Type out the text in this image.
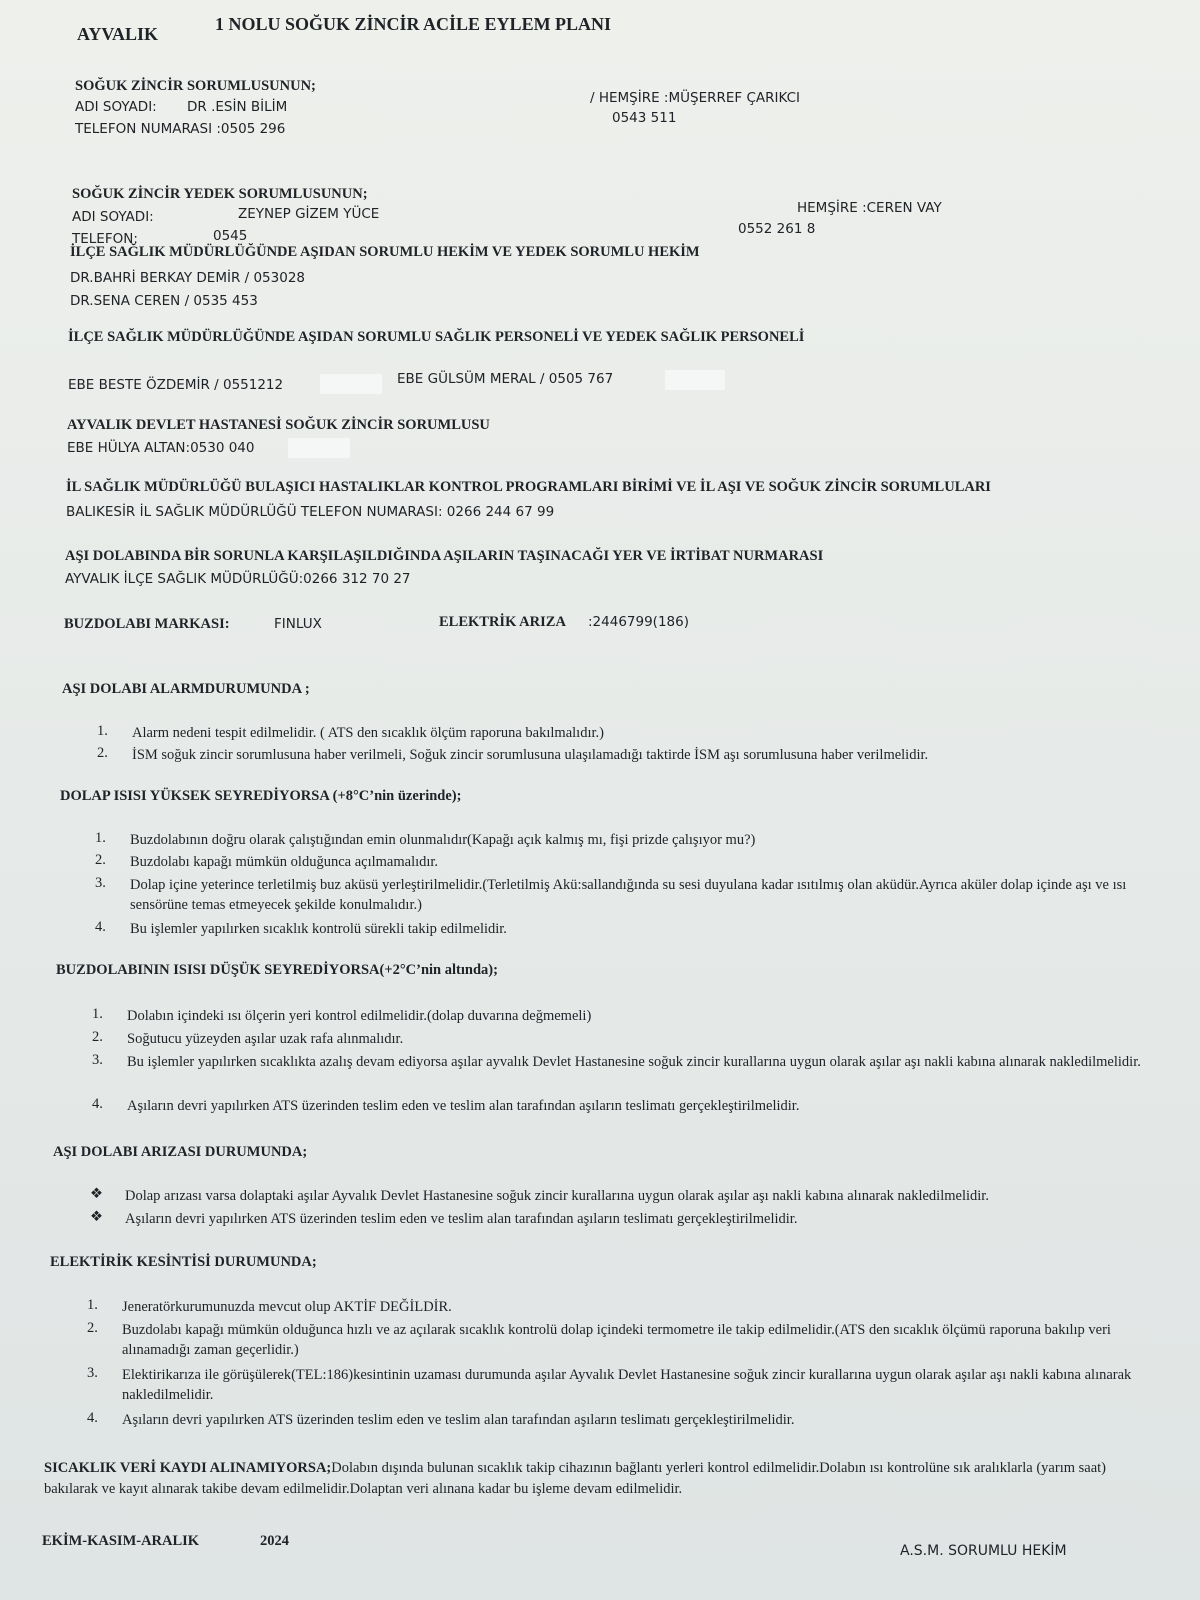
AYVALIK	1 NOLU SOĞUK ZİNCİR ACİLE EYLEM PLANI
SOĞUK ZİNCİR SORUMLUSUNUN;
ADI SOYADI: DR .ESİN BİLİM
TELEFON NUMARASI :0505 296
/ HEMŞİRE :MÜŞERREF ÇARIKCI
0543 511
SOĞUK ZİNCİR YEDEK SORUMLUSUNUN;
ADI SOYADI:	ZEYNEP GİZEM YÜCE
TELEFON:	0545
HEMŞİRE :CEREN VAY
0552 261 8
İLÇE SAĞLIK MÜDÜRLÜĞÜNDE AŞIDAN SORUMLU HEKİM VE YEDEK SORUMLU HEKİM
DR.BAHRİ BERKAY DEMİR / 053028
DR.SENA CEREN / 0535 453
İLÇE SAĞLIK MÜDÜRLÜĞÜNDE AŞIDAN SORUMLU SAĞLIK PERSONELİ VE YEDEK SAĞLIK PERSONELİ
EBE BESTE ÖZDEMİR / 0551212	EBE GÜLSÜM MERAL / 0505 767
AYVALIK DEVLET HASTANESİ SOĞUK ZİNCİR SORUMLUSU
EBE HÜLYA ALTAN:0530 040
İL SAĞLIK MÜDÜRLÜĞÜ BULAŞICI HASTALIKLAR KONTROL PROGRAMLARI BİRİMİ VE İL AŞI VE SOĞUK ZİNCİR SORUMLULARI
BALIKESİR İL SAĞLIK MÜDÜRLÜĞÜ TELEFON NUMARASI: 0266 244 67 99
AŞI DOLABINDA BİR SORUNLA KARŞILAŞILDIĞINDA AŞILARIN TAŞINACAĞI YER VE İRTİBAT NURMARASI
AYVALIK İLÇE SAĞLIK MÜDÜRLÜĞÜ:0266 312 70 27
BUZDOLABI MARKASI:	FINLUX	ELEKTRİK ARIZA :2446799(186)
AŞI DOLABI ALARMDURUMUNDA ;
1.	Alarm nedeni tespit edilmelidir. ( ATS den sıcaklık ölçüm raporuna bakılmalıdır.)
2.	İSM soğuk zincir sorumlusuna haber verilmeli, Soğuk zincir sorumlusuna ulaşılamadığı taktirde İSM aşı sorumlusuna haber verilmelidir.
DOLAP ISISI YÜKSEK SEYREDİYORSA (+8°C’nin üzerinde);
1.	Buzdolabının doğru olarak çalıştığından emin olunmalıdır(Kapağı açık kalmış mı, fişi prizde çalışıyor mu?)
2.	Buzdolabı kapağı mümkün olduğunca açılmamalıdır.
3.	Dolap içine yeterince terletilmiş buz aküsü yerleştirilmelidir.(Terletilmiş Akü:sallandığında su sesi duyulana kadar ısıtılmış olan aküdür.Ayrıca aküler dolap içinde aşı ve ısı sensörüne temas etmeyecek şekilde konulmalıdır.)
4.	Bu işlemler yapılırken sıcaklık kontrolü sürekli takip edilmelidir.
BUZDOLABININ ISISI DÜŞÜK SEYREDİYORSA(+2°C’nin altında);
1.	Dolabın içindeki ısı ölçerin yeri kontrol edilmelidir.(dolap duvarına değmemeli)
2.	Soğutucu yüzeyden aşılar uzak rafa alınmalıdır.
3.	Bu işlemler yapılırken sıcaklıkta azalış devam ediyorsa aşılar ayvalık Devlet Hastanesine soğuk zincir kurallarına uygun olarak aşılar aşı nakli kabına alınarak nakledilmelidir.
4.	Aşıların devri yapılırken ATS üzerinden teslim eden ve teslim alan tarafından aşıların teslimatı gerçekleştirilmelidir.
AŞI DOLABI ARIZASI DURUMUNDA;
❖	Dolap arızası varsa dolaptaki aşılar Ayvalık Devlet Hastanesine soğuk zincir kurallarına uygun olarak aşılar aşı nakli kabına alınarak nakledilmelidir.
❖	Aşıların devri yapılırken ATS üzerinden teslim eden ve teslim alan tarafından aşıların teslimatı gerçekleştirilmelidir.
ELEKTİRİK KESİNTİSİ DURUMUNDA;
1.	Jeneratörkurumunuzda mevcut olup AKTİF DEĞİLDİR.
2.	Buzdolabı kapağı mümkün olduğunca hızlı ve az açılarak sıcaklık kontrolü dolap içindeki termometre ile takip edilmelidir.(ATS den sıcaklık ölçümü raporuna bakılıp veri alınamadığı zaman geçerlidir.)
3.	Elektirikarıza ile görüşülerek(TEL:186)kesintinin uzaması durumunda aşılar Ayvalık Devlet Hastanesine soğuk zincir kurallarına uygun olarak aşılar aşı nakli kabına alınarak nakledilmelidir.
4.	Aşıların devri yapılırken ATS üzerinden teslim eden ve teslim alan tarafından aşıların teslimatı gerçekleştirilmelidir.
SICAKLIK VERİ KAYDI ALINAMIYORSA;Dolabın dışında bulunan sıcaklık takip cihazının bağlantı yerleri kontrol edilmelidir.Dolabın ısı kontrolüne sık aralıklarla (yarım saat) bakılarak ve kayıt alınarak takibe devam edilmelidir.Dolaptan veri alınana kadar bu işleme devam edilmelidir.
EKİM-KASIM-ARALIK	2024
A.S.M. SORUMLU HEKİM
